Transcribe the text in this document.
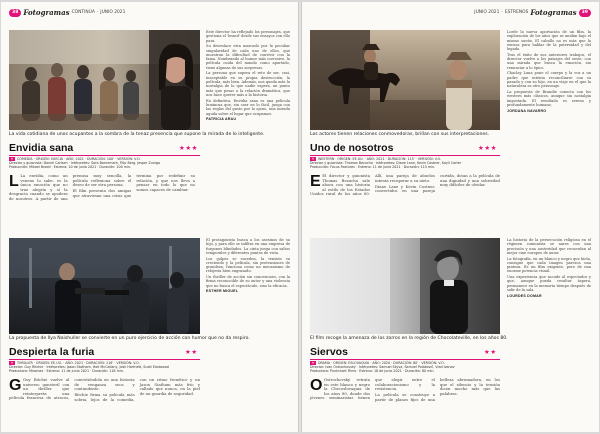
38 Fotogramas CONTINÚA · JUNIO 2021

Este director ha reflejado los personajes, que gestiona el 'brand' desde sus ensayos con ello para.

Su desenlace esta marcado por la peculiar singularidad de cada uno de ellos, que muestran la dificultad de convivir con la fama. Nombrando al humor más corrosivo, la película cuida del mundo como apartado, tiene algunas de sus sorpresas.

La persona que supera el reto de ser, casi, inaceptable en su propia destrucción, la película, más bien. Además, nos queda más la nostalgia de lo que nadie espera, un punto más que pesar a la relación dramática, que nos hace querer más a la historia.

En definitiva, Envidia sana es una película luminosa que, sin caer en lo fácil, juega con las reglas del gusto por lo ajeno, una mirada aguda sobre el lugar que ocupamos.

PATRICIA ARAU

La vida cotidiana de unos ocupantes a la sombra de la tenaz presencia que supone la mirada de lo inteligente.
Envidia sana	★★★
✦ COMEDIA · ORIGEN: SUECIA · AÑO: 2021 · DURACIÓN: 100' · VERSIÓN: V.O.
Director y guionista: Daniel Carlsen · Intérpretes: Sara Bornemark, Filip Berg, Jesper Zuniga
Producción: Mikael Brodd · Estreno: 10 de junio 2021 · Duración: 100 min.

L La envidia, como un veneno lo sabe, es la única emoción que no trae alegría y sí la desgracia cuando se apodera de nosotros. A partir de una premisa muy sencilla, la película reflexiona sobre el deseo de ser otra persona.

El film presenta dos amigas que atraviesan una crisis que termina por redefinir su relación, y que nos lleva a pensar en todo lo que no somos capaces de cambiar.

La propuesta de Ilya Naishuller se convierte en un puro ejercicio de acción con humor que no da respiro.
Despierta la furia	★★
✦ THRILLER · ORIGEN: EE.UU. · AÑO: 2021 · DURACIÓN: 118' · VERSIÓN: V.O.
Director: Guy Ritchie · Intérpretes: Jason Statham, Holt McCallany, Josh Hartnett, Scott Eastwood
Productora: Miramax · Estreno: 11 de junio 2021 · Duración: 118 min.

G Guy Ritchie vuelve al universo gansteril con un thriller que reinterpreta una película francesa de atracos, convirtiéndola en una historia de venganza seca y contundente.

Ritchie firma su película más sobria, lejos de la comedia, con un ritmo frenético y un Jason Statham más frío y callado que nunca, en la piel de un guardia de seguridad.

El protagonista busca a los asesinos de su hijo, y para ello se infiltra en una empresa de furgones blindados. La cinta juega con saltos temporales y diferentes puntos de vista.

Los golpes se suceden, la tensión va creciendo y la película, sin pretensiones de grandeza, funciona como un mecanismo de relojería bien engrasado.

Un thriller de acción sin concesiones, con la firma reconocible de su autor y una violencia que no busca el espectáculo, sino la eficacia.

ESTHER MIGUEL

JUNIO 2021 · ESTRENOS Fotogramas	39

Lorde la nueva aportación de un film, la exploración de los años que se anidan bajo el mismo sueño. El caballo no es más que la excusa para hablar de la paternidad y del legado.

Tras el éxito de sus anteriores trabajos, el director vuelve a los paisajes del oeste, con una mirada que busca la emoción, sin renunciar a lo épico.

Chaclay Luna pone el cuerpo y la voz a un padre que intenta reconciliarse con su pasado y con su hijo, en un viaje en el que la naturaleza es otro personaje.

La propuesta de Brandie conecta con los western más clásicos, aunque sin nostalgia impostada. El resultado es sereno y profundamente humano.

JORDANA NAVARRO

Los actores tienen relaciones conmovedoras, brillan con sus interpretaciones.
Uno de nosotros	★★★
✦ WESTERN · ORIGEN: EE.UU. · AÑO: 2021 · DURACIÓN: 115' · VERSIÓN: V.O.
Director y guionista: Thomas Bezucha · Intérpretes: Diane Lane, Kevin Costner, Kayli Carter
Producción: Focus Features · Estreno: 11 de junio 2021 · Duración: 115 min.

E El director y guionista Thomas Bezucha sale ahora con una historia al estilo de los Estados Unidos rural de los años 60. Allí, una pareja de abuelos intenta recuperar a su nieto.

Diane Lane y Kevin Costner, convertidos en una pareja curtida, dotan a la película de una dignidad y una sobriedad muy difíciles de olvidar.

El film recoge la amenaza de los zorros en la región de Chocolateville, en los años 80.
Siervos	★★
✦ DRAMA · ORIGEN: ESLOVAQUIA · AÑO: 2020 · DURACIÓN: 80' · VERSIÓN: V.O.
Director: Ivan Ostrochovský · Intérpretes: Samuel Skyva, Samuel Polakovič, Vlad Ivanov
Productora: Punkchart Films · Estreno: 18 de junio 2021 · Duración: 80 min.

O Ostrochovský retrata en este blanco y negro la Checoslovaquia de los años 80, donde dos jóvenes seminaristas tienen que elegir entre el colaboracionismo y la resistencia.

La película se construye a partir de planos fijos de una belleza abrumadora, en los que el silencio y la tensión dicen mucho más que las palabras.

La historia de la persecución religiosa en el régimen comunista se narra con una precisión y una austeridad que recuerdan al mejor cine europeo de autor.

La fotografía, en un blanco y negro que hiela, consigue que cada imagen parezca una pintura. Es un film exigente, pero de una enorme potencia visual.

Una experiencia que sacude al espectador y que, aunque pueda resultar áspera, permanece en la memoria tiempo después de salir de la sala.

LOURDES DOMAR
